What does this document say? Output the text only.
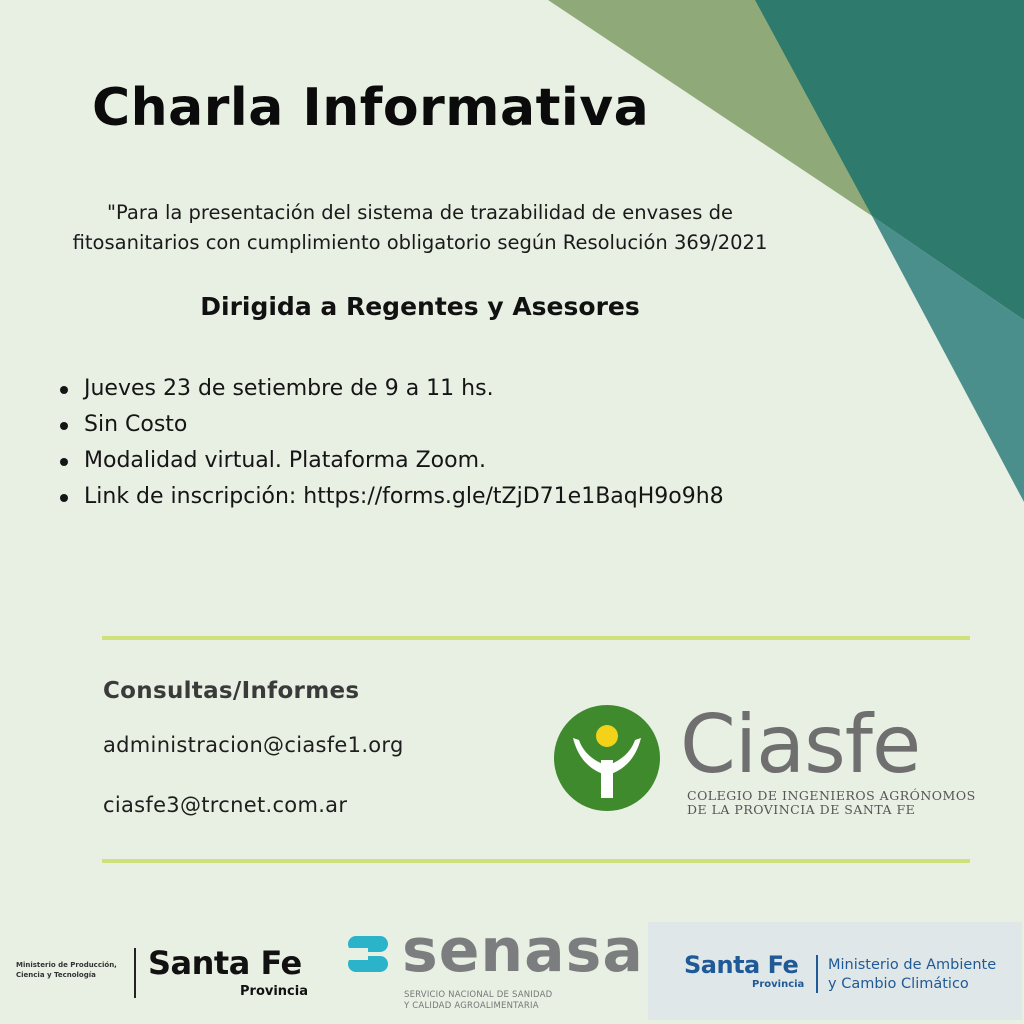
Charla Informativa
"Para la presentación del sistema de trazabilidad de envases de
fitosanitarios con cumplimiento obligatorio según Resolución 369/2021
Dirigida a Regentes y Asesores
Jueves 23 de setiembre de 9 a 11 hs.
Sin Costo
Modalidad virtual. Plataforma Zoom.
Link de inscripción: https://forms.gle/tZjD71e1BaqH9o9h8
Consultas/Informes
administracion@ciasfe1.org
ciasfe3@trcnet.com.ar
Ciasfe
COLEGIO DE INGENIEROS AGRÓNOMOS
DE LA PROVINCIA DE SANTA FE
Ministerio de Producción,
Ciencia y Tecnología	Santa Fe
Provincia
senasa
SERVICIO NACIONAL DE SANIDAD
Y CALIDAD AGROALIMENTARIA
Santa Fe
Provincia
Ministerio de Ambiente
y Cambio Climático
